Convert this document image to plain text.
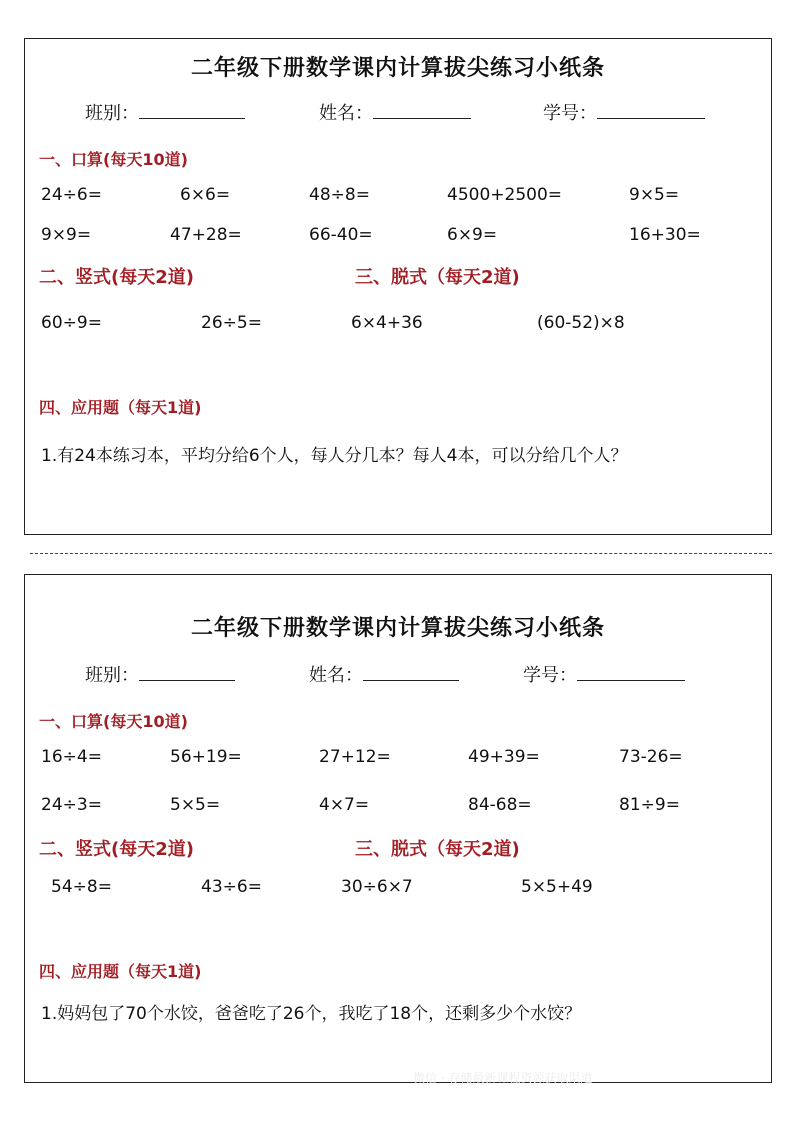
二年级下册数学课内计算拔尖练习小纸条
班别：	姓名：	学号：
一、口算(每天10道)
24÷6=	6×6=	48÷8=	4500+2500=	9×5=
9×9=	47+28=	66-40=	6×9=	16+30=
二、竖式(每天2道)	三、脱式（每天2道)
60÷9=	26÷5=	6×4+36	(60-52)×8
四、应用题（每天1道)
1.有24本练习本，平均分给6个人，每人分几本？每人4本，可以分给几个人？
二年级下册数学课内计算拔尖练习小纸条
班别：	姓名：	学号：
一、口算(每天10道)
16÷4=	56+19=	27+12=	49+39=	73-26=
24÷3=	5×5=	4×7=	84-68=	81÷9=
二、竖式(每天2道)	三、脱式（每天2道)
54÷8=	43÷6=	30÷6×7	5×5+49
四、应用题（每天1道)
1.妈妈包了70个水饺，爸爸吃了26个，我吃了18个，还剩多少个水饺？
微信 · 存储最新课程资源获取渠道
